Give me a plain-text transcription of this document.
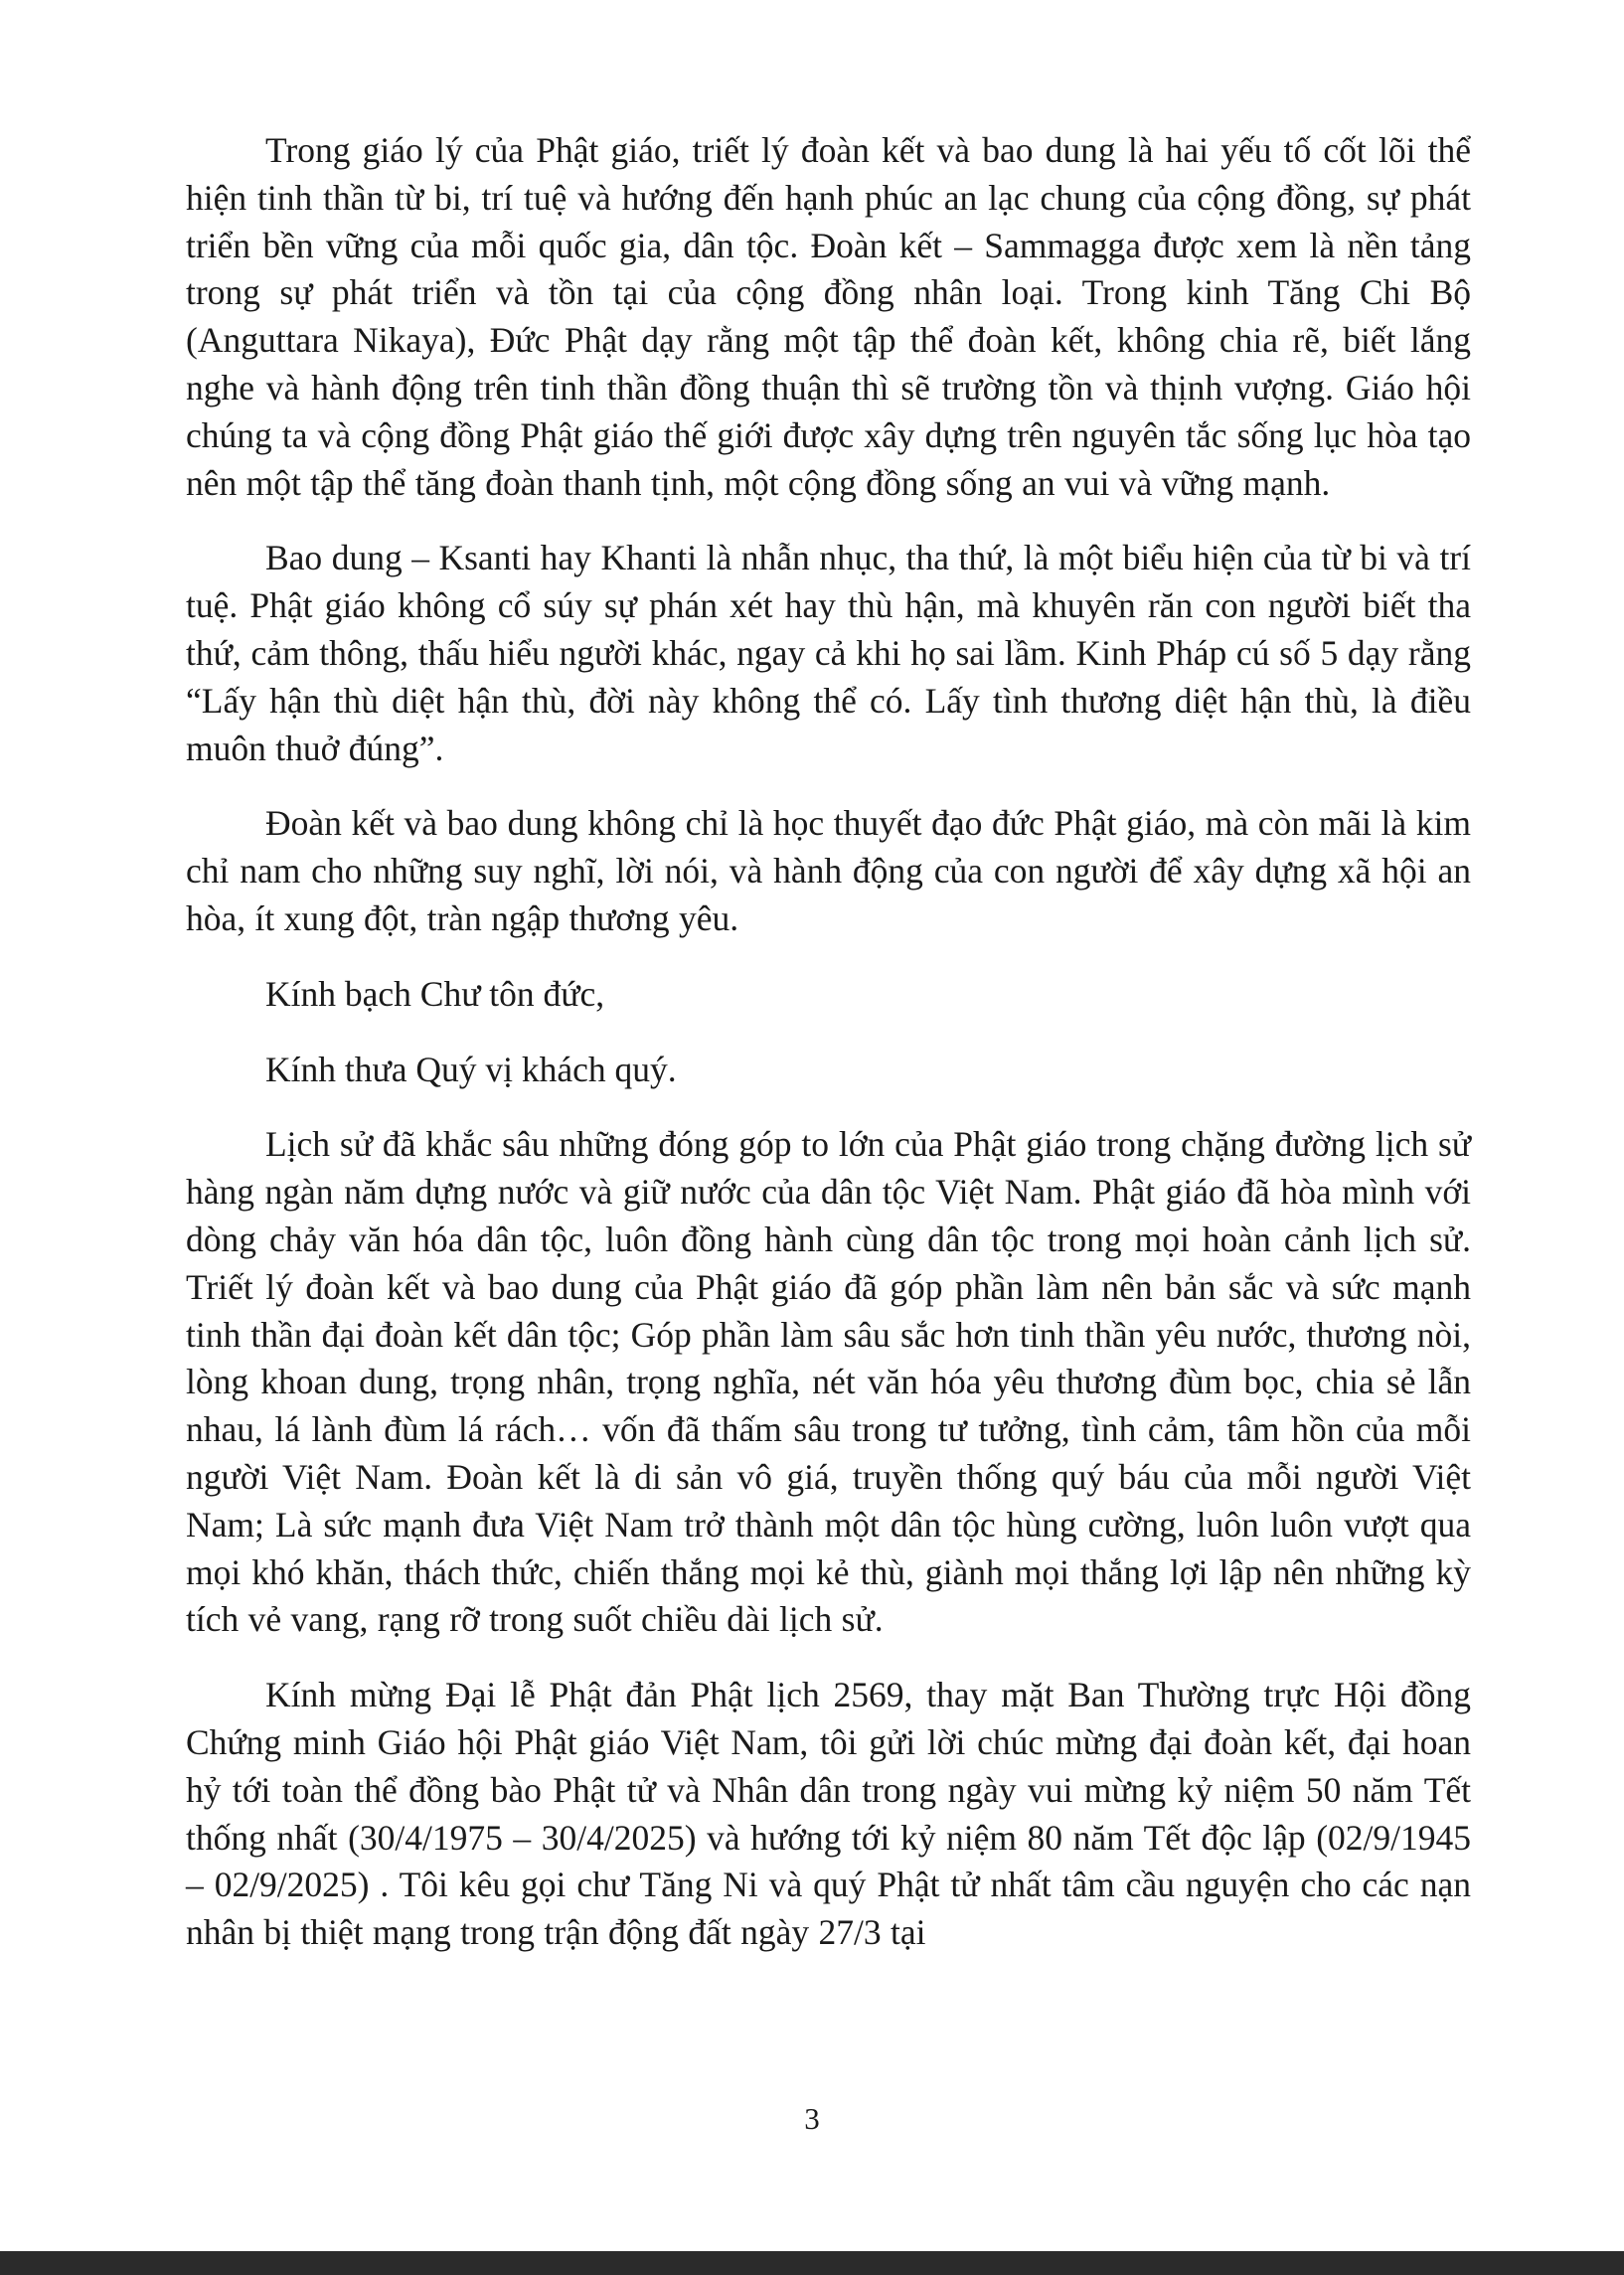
Trong giáo lý của Phật giáo, triết lý đoàn kết và bao dung là hai yếu tố cốt lõi thể hiện tinh thần từ bi, trí tuệ và hướng đến hạnh phúc an lạc chung của cộng đồng, sự phát triển bền vững của mỗi quốc gia, dân tộc. Đoàn kết – Sammagga được xem là nền tảng trong sự phát triển và tồn tại của cộng đồng nhân loại. Trong kinh Tăng Chi Bộ (Anguttara Nikaya), Đức Phật dạy rằng một tập thể đoàn kết, không chia rẽ, biết lắng nghe và hành động trên tinh thần đồng thuận thì sẽ trường tồn và thịnh vượng. Giáo hội chúng ta và cộng đồng Phật giáo thế giới được xây dựng trên nguyên tắc sống lục hòa tạo nên một tập thể tăng đoàn thanh tịnh, một cộng đồng sống an vui và vững mạnh.

Bao dung – Ksanti hay Khanti là nhẫn nhục, tha thứ, là một biểu hiện của từ bi và trí tuệ. Phật giáo không cổ súy sự phán xét hay thù hận, mà khuyên răn con người biết tha thứ, cảm thông, thấu hiểu người khác, ngay cả khi họ sai lầm. Kinh Pháp cú số 5 dạy rằng “Lấy hận thù diệt hận thù, đời này không thể có. Lấy tình thương diệt hận thù, là điều muôn thuở đúng”.

Đoàn kết và bao dung không chỉ là học thuyết đạo đức Phật giáo, mà còn mãi là kim chỉ nam cho những suy nghĩ, lời nói, và hành động của con người để xây dựng xã hội an hòa, ít xung đột, tràn ngập thương yêu.

Kính bạch Chư tôn đức,

Kính thưa Quý vị khách quý.

Lịch sử đã khắc sâu những đóng góp to lớn của Phật giáo trong chặng đường lịch sử hàng ngàn năm dựng nước và giữ nước của dân tộc Việt Nam. Phật giáo đã hòa mình với dòng chảy văn hóa dân tộc, luôn đồng hành cùng dân tộc trong mọi hoàn cảnh lịch sử. Triết lý đoàn kết và bao dung của Phật giáo đã góp phần làm nên bản sắc và sức mạnh tinh thần đại đoàn kết dân tộc; Góp phần làm sâu sắc hơn tinh thần yêu nước, thương nòi, lòng khoan dung, trọng nhân, trọng nghĩa, nét văn hóa yêu thương đùm bọc, chia sẻ lẫn nhau, lá lành đùm lá rách… vốn đã thấm sâu trong tư tưởng, tình cảm, tâm hồn của mỗi người Việt Nam. Đoàn kết là di sản vô giá, truyền thống quý báu của mỗi người Việt Nam; Là sức mạnh đưa Việt Nam trở thành một dân tộc hùng cường, luôn luôn vượt qua mọi khó khăn, thách thức, chiến thắng mọi kẻ thù, giành mọi thắng lợi lập nên những kỳ tích vẻ vang, rạng rỡ trong suốt chiều dài lịch sử.

Kính mừng Đại lễ Phật đản Phật lịch 2569, thay mặt Ban Thường trực Hội đồng Chứng minh Giáo hội Phật giáo Việt Nam, tôi gửi lời chúc mừng đại đoàn kết, đại hoan hỷ tới toàn thể đồng bào Phật tử và Nhân dân trong ngày vui mừng kỷ niệm 50 năm Tết thống nhất (30/4/1975 – 30/4/2025) và hướng tới kỷ niệm 80 năm Tết độc lập (02/9/1945 – 02/9/2025) . Tôi kêu gọi chư Tăng Ni và quý Phật tử nhất tâm cầu nguyện cho các nạn nhân bị thiệt mạng trong trận động đất ngày 27/3 tại

3
